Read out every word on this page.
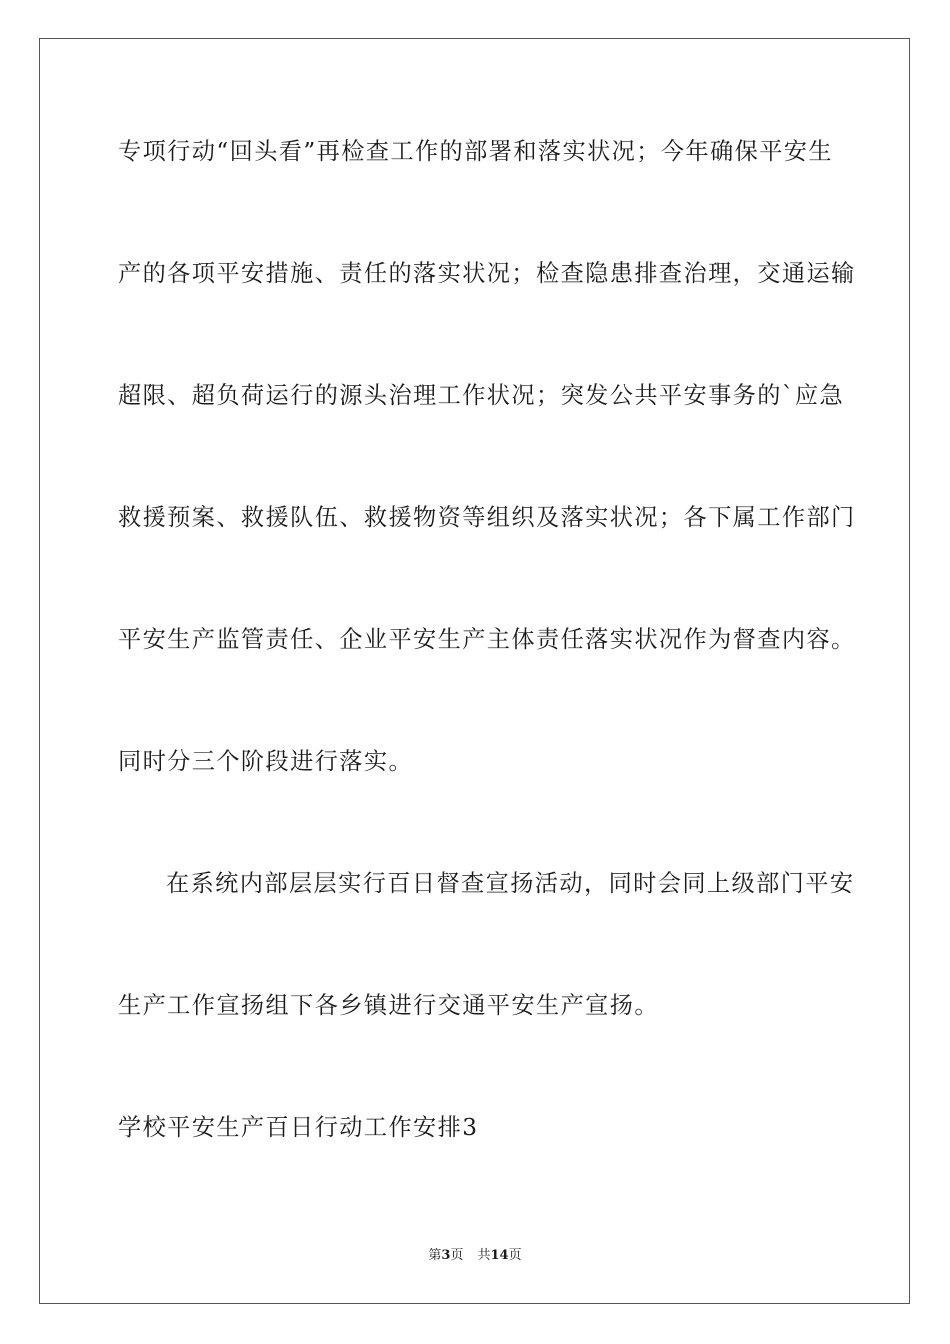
专项行动“回头看”再检查工作的部署和落实状况；今年确保平安生
产的各项平安措施、责任的落实状况；检查隐患排查治理，交通运输
超限、超负荷运行的源头治理工作状况；突发公共平安事务的`应急
救援预案、救援队伍、救援物资等组织及落实状况；各下属工作部门
平安生产监管责任、企业平安生产主体责任落实状况作为督查内容。
同时分三个阶段进行落实。
在系统内部层层实行百日督查宣扬活动，同时会同上级部门平安
生产工作宣扬组下各乡镇进行交通平安生产宣扬。
学校平安生产百日行动工作安排3
第3页 共14页
